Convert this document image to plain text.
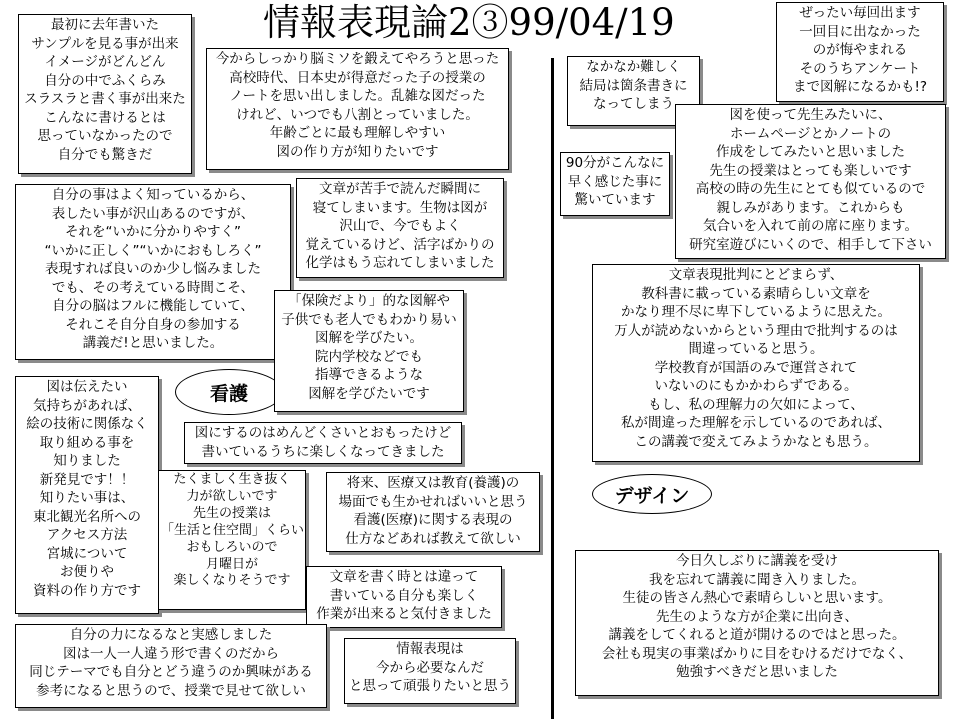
情報表現論2③99/04/19
看護
デザイン
最初に去年書いた
サンプルを見る事が出来
イメージがどんどん
自分の中でふくらみ
スラスラと書く事が出来た
こんなに書けるとは
思っていなかったので
自分でも驚きだ
今からしっかり脳ミソを鍛えてやろうと思った
高校時代、日本史が得意だった子の授業の
ノートを思い出しました。乱雑な図だった
けれど、いつでも八割とっていました。
年齢ごとに最も理解しやすい
図の作り方が知りたいです
ぜったい毎回出ます
一回目に出なかった
のが悔やまれる
そのうちアンケート
まで図解になるかも!?
なかなか難しく
結局は箇条書きに
なってしまう
図を使って先生みたいに、
ホームページとかノートの
作成をしてみたいと思いました
先生の授業はとっても楽しいです
高校の時の先生にとても似ているので
親しみがあります。これからも
気合いを入れて前の席に座ります。
研究室遊びにいくので、相手して下さい
90分がこんなに
早く感じた事に
驚いています
自分の事はよく知っているから、
表したい事が沢山あるのですが、
それを“いかに分かりやすく”
“いかに正しく”“いかにおもしろく”
表現すれば良いのか少し悩みました
でも、その考えている時間こそ、
自分の脳はフルに機能していて、
それこそ自分自身の参加する
講義だ!と思いました。
文章が苦手で読んだ瞬間に
寝てしまいます。生物は図が
沢山で、今でもよく
覚えているけど、活字ばかりの
化学はもう忘れてしまいました
文章表現批判にとどまらず、
教科書に載っている素晴らしい文章を
かなり理不尽に卑下しているように思えた。
万人が読めないからという理由で批判するのは
間違っていると思う。
学校教育が国語のみで運営されて
いないのにもかかわらずである。
もし、私の理解力の欠如によって、
私が間違った理解を示しているのであれば、
この講義で変えてみようかなとも思う。
「保険だより」的な図解や
子供でも老人でもわかり易い
図解を学びたい。
院内学校などでも
指導できるような
図解を学びたいです
図は伝えたい
気持ちがあれば、
絵の技術に関係なく
取り組める事を
知りました
新発見です！！
知りたい事は、
東北観光名所への
アクセス方法
宮城について
お便りや
資料の作り方です
図にするのはめんどくさいとおもったけど
書いているうちに楽しくなってきました
たくましく生き抜く
力が欲しいです
先生の授業は
「生活と住空間」くらい
おもしろいので
月曜日が
楽しくなりそうです
将来、医療又は教育(養護)の
場面でも生かせればいいと思う
看護(医療)に関する表現の
仕方などあれば教えて欲しい
文章を書く時とは違って
書いている自分も楽しく
作業が出来ると気付きました
今日久しぶりに講義を受け
我を忘れて講義に聞き入りました。
生徒の皆さん熱心で素晴らしいと思います。
先生のような方が企業に出向き、
講義をしてくれると道が開けるのではと思った。
会社も現実の事業ばかりに目をむけるだけでなく、
勉強すべきだと思いました
自分の力になるなと実感しました
図は一人一人違う形で書くのだから
同じテーマでも自分とどう違うのか興味がある
参考になると思うので、授業で見せて欲しい
情報表現は
今から必要なんだ
と思って頑張りたいと思う
